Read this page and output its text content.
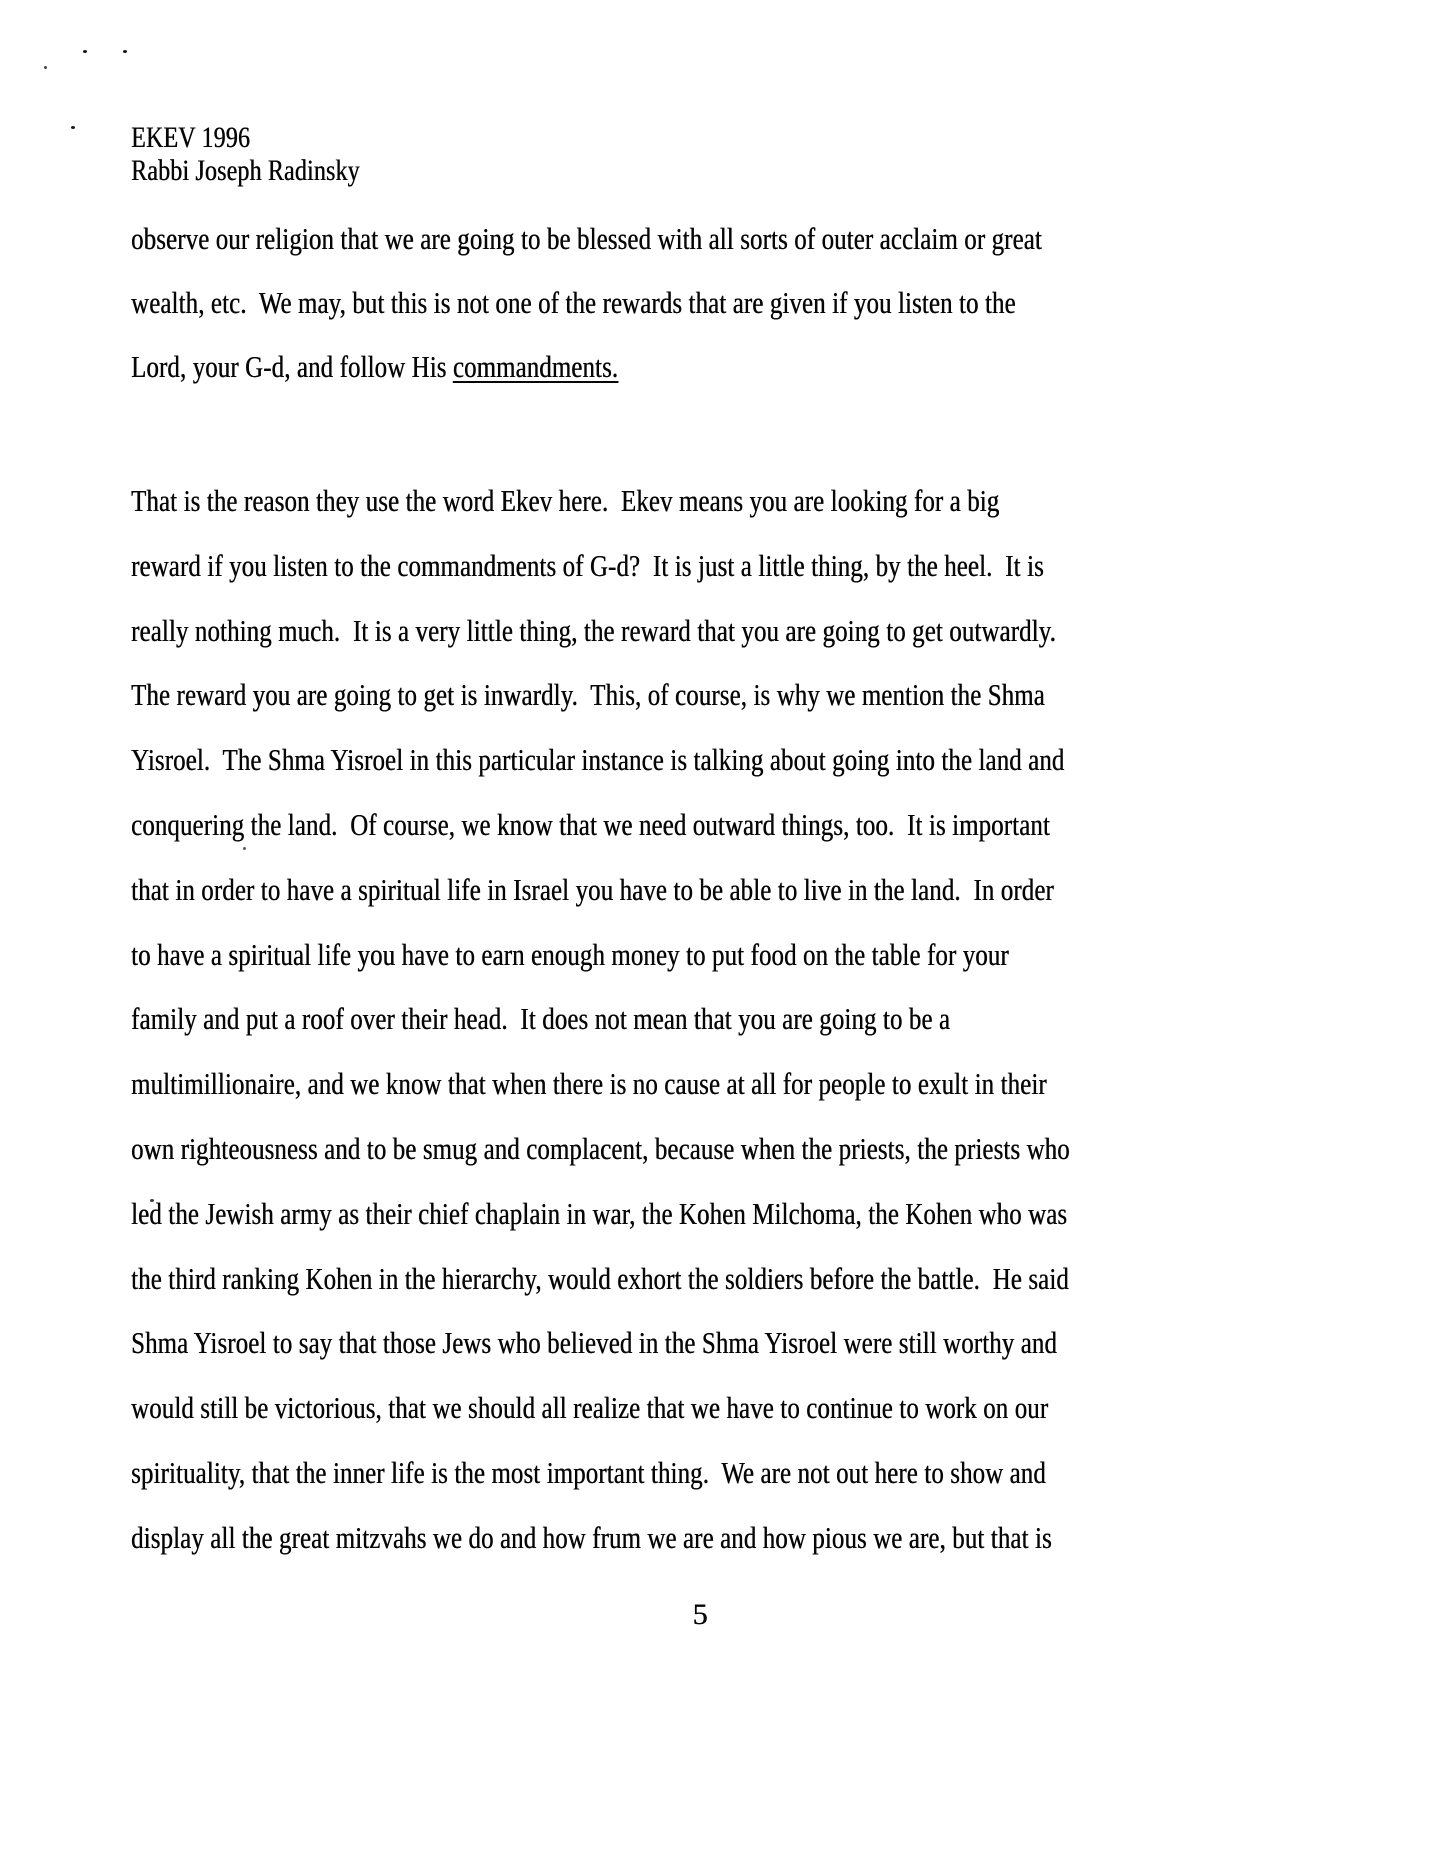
EKEV 1996
Rabbi Joseph Radinsky
observe our religion that we are going to be blessed with all sorts of outer acclaim or great
wealth, etc.  We may, but this is not one of the rewards that are given if you listen to the
Lord, your G-d, and follow His commandments.
That is the reason they use the word Ekev here.  Ekev means you are looking for a big
reward if you listen to the commandments of G-d?  It is just a little thing, by the heel.  It is
really nothing much.  It is a very little thing, the reward that you are going to get outwardly.
The reward you are going to get is inwardly.  This, of course, is why we mention the Shma
Yisroel.  The Shma Yisroel in this particular instance is talking about going into the land and
conquering the land.  Of course, we know that we need outward things, too.  It is important
that in order to have a spiritual life in Israel you have to be able to live in the land.  In order
to have a spiritual life you have to earn enough money to put food on the table for your
family and put a roof over their head.  It does not mean that you are going to be a
multimillionaire, and we know that when there is no cause at all for people to exult in their
own righteousness and to be smug and complacent, because when the priests, the priests who
led the Jewish army as their chief chaplain in war, the Kohen Milchoma, the Kohen who was
the third ranking Kohen in the hierarchy, would exhort the soldiers before the battle.  He said
Shma Yisroel to say that those Jews who believed in the Shma Yisroel were still worthy and
would still be victorious, that we should all realize that we have to continue to work on our
spirituality, that the inner life is the most important thing.  We are not out here to show and
display all the great mitzvahs we do and how frum we are and how pious we are, but that is
5
